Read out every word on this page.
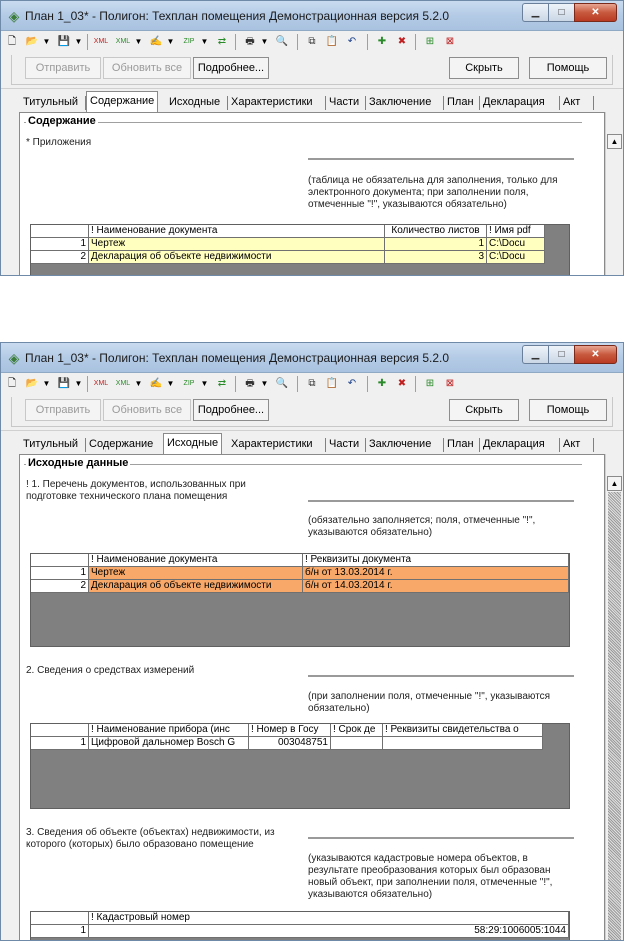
◈ План 1_03* - Полигон: Техплан помещения Демонстрационная версия 5.2.0	▁	□	✕
🗋 📂 ▼ 💾 ▼	XML	XML ▼ ✍ ▼	ZIP ▼ ⇄	🖶 ▼ 🔍	⧉	📋 ↶	✚	✖	⊞	⊠
Отправить	Обновить все	Подробнее...	Скрыть	Помощь
Титульный	Содержание	Исходные Характеристики Части Заключение План Декларация Акт
Содержание
* Приложения
(таблица не обязательна для заполнения, только для электронного документа; при заполнении поля, отмеченные "!", указываются обязательно)
! Наименование документа	Количество листов ! Имя pdf
1 Чертеж	1 C:\Docu
2 Декларация об объекте недвижимости	3 C:\Docu
▲
◈ План 1_03* - Полигон: Техплан помещения Демонстрационная версия 5.2.0	▁	□	✕
🗋 📂 ▼ 💾 ▼	XML	XML ▼ ✍ ▼	ZIP ▼ ⇄	🖶 ▼ 🔍	⧉	📋 ↶	✚	✖	⊞	⊠
Отправить	Обновить все	Подробнее...	Скрыть	Помощь
Титульный Содержание	Исходные	Характеристики Части Заключение План Декларация Акт
Исходные данные
! 1. Перечень документов, использованных при подготовке технического плана помещения
(обязательно заполняется; поля, отмеченные "!", указываются обязательно)
! Наименование документа	! Реквизиты документа
1 Чертеж	б/н от 13.03.2014 г.
2 Декларация об объекте недвижимости	б/н от 14.03.2014 г.
2. Сведения о средствах измерений
(при заполнении поля, отмеченные "!", указываются обязательно)
! Наименование прибора (инс	! Номер в Госу	! Срок де ! Реквизиты свидетельства о
1 Цифровой дальномер Bosch G	003048751
3. Сведения об объекте (объектах) недвижимости, из которого (которых) было образовано помещение
(указываются кадастровые номера объектов, в результате преобразования которых был образован новый объект, при заполнении поля, отмеченные "!", указываются обязательно)
! Кадастровый номер
1	58:29:1006005:1044
▲
